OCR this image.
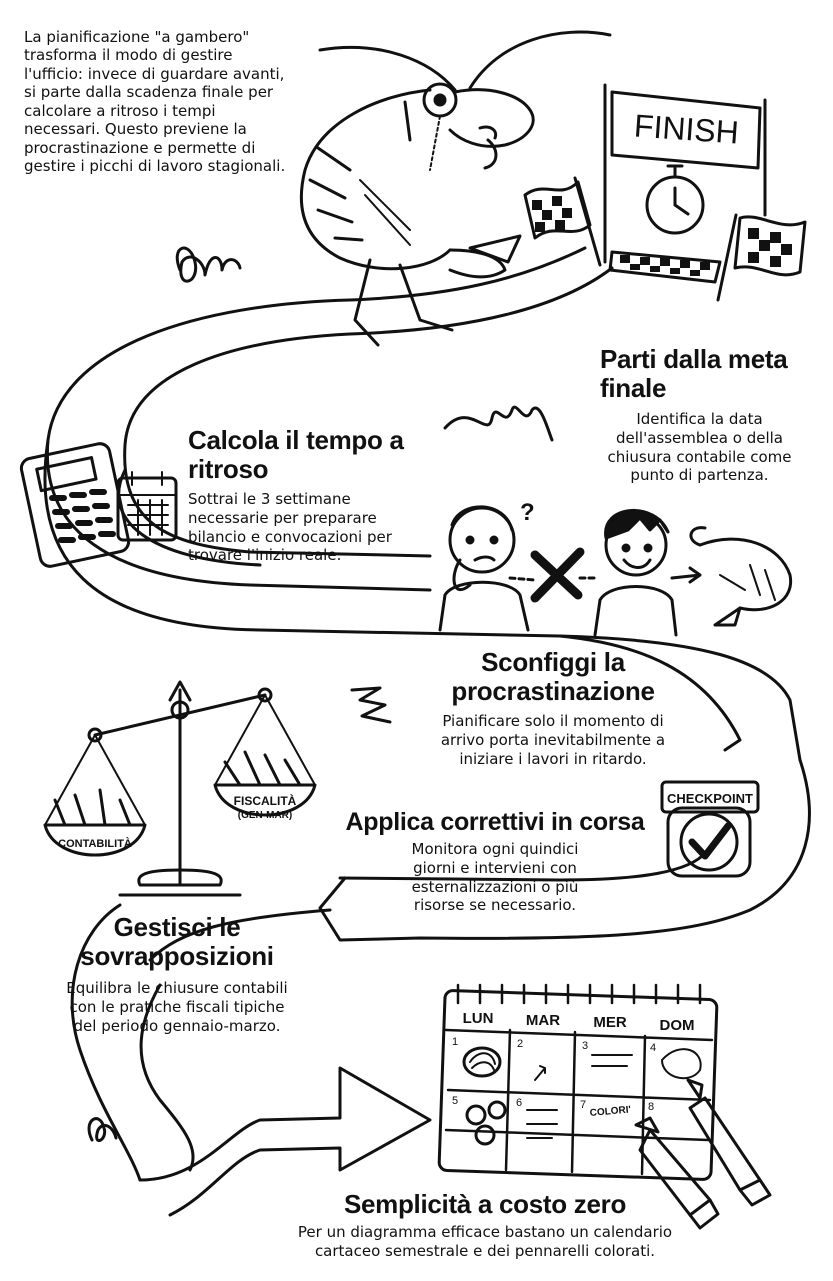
FINISH
?
CHECKPOINT
CONTABILITÀ
FISCALITÀ
(GEN-MAR)
LUN MAR MER DOM
1	2	3	4
5	6	7	8
COLORI'
La pianificazione "a gambero" trasforma il modo di gestire l'ufficio: invece di guardare avanti, si parte dalla scadenza finale per calcolare a ritroso i tempi necessari. Questo previene la procrastinazione e permette di gestire i picchi di lavoro stagionali.
Parti dalla meta finale
Identifica la data dell'assemblea o della chiusura contabile come punto di partenza.
Calcola il tempo a ritroso
Sottrai le 3 settimane necessarie per preparare bilancio e convocazioni per trovare l'inizio reale.
Sconfiggi la procrastinazione
Pianificare solo il momento di arrivo porta inevitabilmente a iniziare i lavori in ritardo.
Applica correttivi in corsa
Monitora ogni quindici giorni e intervieni con esternalizzazioni o più risorse se necessario.
Gestisci le sovrapposizioni
Equilibra le chiusure contabili con le pratiche fiscali tipiche del periodo gennaio-marzo.
Semplicità a costo zero
Per un diagramma efficace bastano un calendario cartaceo semestrale e dei pennarelli colorati.
